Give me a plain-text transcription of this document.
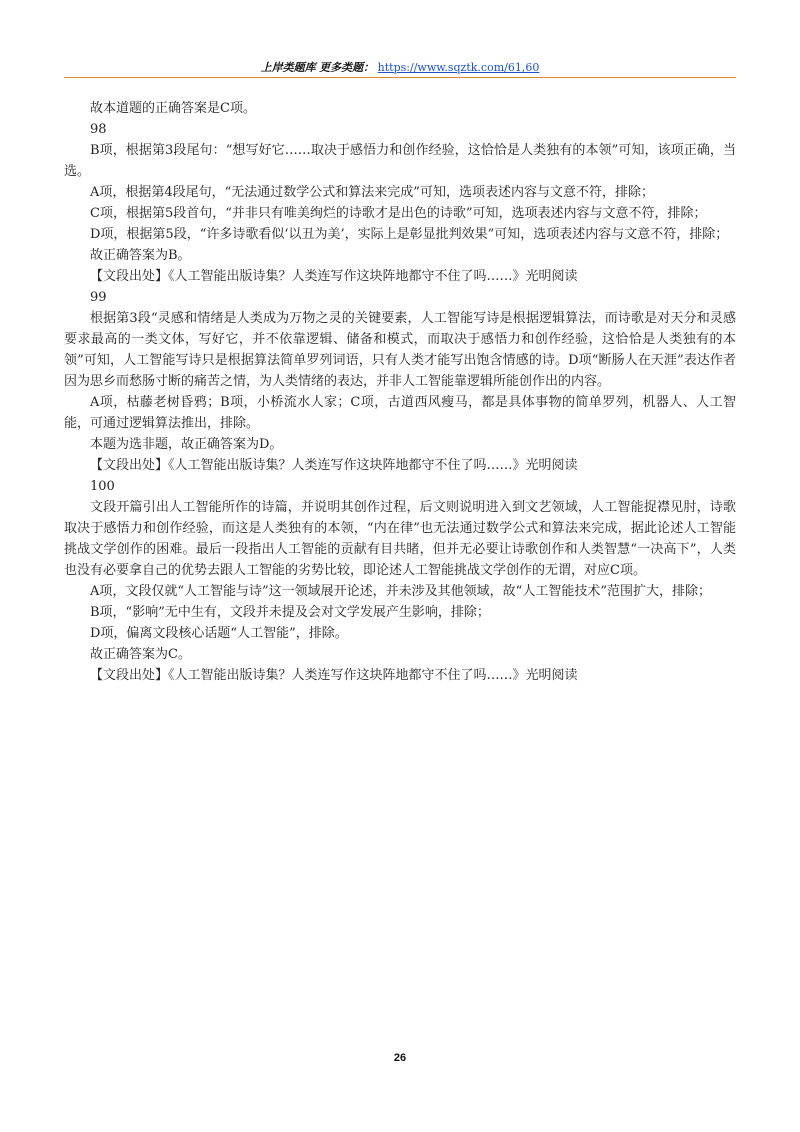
上岸类题库 更多类题： https://www.sqztk.com/61,60

故本道题的正确答案是C项。

98

B项，根据第3段尾句：“想写好它……取决于感悟力和创作经验，这恰恰是人类独有的本领”可知，该项正确，当选。

A项，根据第4段尾句，“无法通过数学公式和算法来完成”可知，选项表述内容与文意不符，排除；

C项，根据第5段首句，“并非只有唯美绚烂的诗歌才是出色的诗歌”可知，选项表述内容与文意不符，排除；

D项，根据第5段，“许多诗歌看似‘以丑为美’，实际上是彰显批判效果”可知，选项表述内容与文意不符，排除；

故正确答案为B。

【文段出处】《人工智能出版诗集？人类连写作这块阵地都守不住了吗……》光明阅读

99

根据第3段“灵感和情绪是人类成为万物之灵的关键要素，人工智能写诗是根据逻辑算法，而诗歌是对天分和灵感要求最高的一类文体，写好它，并不依靠逻辑、储备和模式，而取决于感悟力和创作经验，这恰恰是人类独有的本领”可知，人工智能写诗只是根据算法简单罗列词语，只有人类才能写出饱含情感的诗。D项“断肠人在天涯”表达作者因为思乡而愁肠寸断的痛苦之情，为人类情绪的表达，并非人工智能靠逻辑所能创作出的内容。

A项，枯藤老树昏鸦；B项，小桥流水人家；C项，古道西风瘦马，都是具体事物的简单罗列，机器人、人工智能，可通过逻辑算法推出，排除。

本题为选非题，故正确答案为D。

【文段出处】《人工智能出版诗集？人类连写作这块阵地都守不住了吗……》光明阅读

100

文段开篇引出人工智能所作的诗篇，并说明其创作过程，后文则说明进入到文艺领域，人工智能捉襟见肘，诗歌取决于感悟力和创作经验，而这是人类独有的本领，“内在律”也无法通过数学公式和算法来完成，据此论述人工智能挑战文学创作的困难。最后一段指出人工智能的贡献有目共睹，但并无必要让诗歌创作和人类智慧“一决高下”，人类也没有必要拿自己的优势去跟人工智能的劣势比较，即论述人工智能挑战文学创作的无谓，对应C项。

A项，文段仅就“人工智能与诗”这一领域展开论述，并未涉及其他领域，故“人工智能技术”范围扩大，排除；

B项，“影响”无中生有，文段并未提及会对文学发展产生影响，排除；

D项，偏离文段核心话题“人工智能”，排除。

故正确答案为C。

【文段出处】《人工智能出版诗集？人类连写作这块阵地都守不住了吗……》光明阅读

26
